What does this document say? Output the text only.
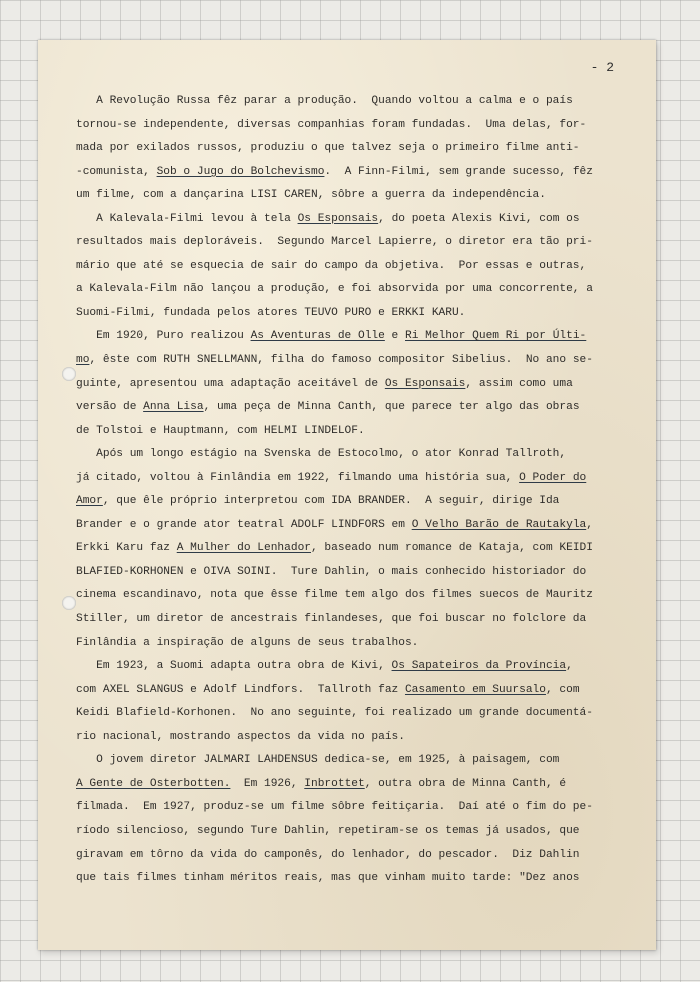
- 2
A Revolução Russa fêz parar a produção.  Quando voltou a calma e o país
tornou-se independente, diversas companhias foram fundadas.  Uma delas, for-
mada por exilados russos, produziu o que talvez seja o primeiro filme anti-
-comunista, Sob o Jugo do Bolchevismo.  A Finn-Filmi, sem grande sucesso, fêz
um filme, com a dançarina LISI CAREN, sôbre a guerra da independência.
A Kalevala-Filmi levou à tela Os Esponsais, do poeta Alexis Kivi, com os
resultados mais deploráveis.  Segundo Marcel Lapierre, o diretor era tão pri-
mário que até se esquecia de sair do campo da objetiva.  Por essas e outras,
a Kalevala-Film não lançou a produção, e foi absorvida por uma concorrente, a
Suomi-Filmi, fundada pelos atores TEUVO PURO e ERKKI KARU.
Em 1920, Puro realizou As Aventuras de Olle e Ri Melhor Quem Ri por Últi-
mo, êste com RUTH SNELLMANN, filha do famoso compositor Sibelius.  No ano se-
guinte, apresentou uma adaptação aceitável de Os Esponsais, assim como uma
versão de Anna Lisa, uma peça de Minna Canth, que parece ter algo das obras
de Tolstoi e Hauptmann, com HELMI LINDELOF.
Após um longo estágio na Svenska de Estocolmo, o ator Konrad Tallroth,
já citado, voltou à Finlândia em 1922, filmando uma história sua, O Poder do
Amor, que êle próprio interpretou com IDA BRANDER.  A seguir, dirige Ida
Brander e o grande ator teatral ADOLF LINDFORS em O Velho Barão de Rautakyla,
Erkki Karu faz A Mulher do Lenhador, baseado num romance de Kataja, com KEIDI
BLAFIED-KORHONEN e OIVA SOINI.  Ture Dahlin, o mais conhecido historiador do
cinema escandinavo, nota que êsse filme tem algo dos filmes suecos de Mauritz
Stiller, um diretor de ancestrais finlandeses, que foi buscar no folclore da
Finlândia a inspiração de alguns de seus trabalhos.
Em 1923, a Suomi adapta outra obra de Kivi, Os Sapateiros da Província,
com AXEL SLANGUS e Adolf Lindfors.  Tallroth faz Casamento em Suursalo, com
Keidi Blafield-Korhonen.  No ano seguinte, foi realizado um grande documentá-
rio nacional, mostrando aspectos da vida no país.
O jovem diretor JALMARI LAHDENSUS dedica-se, em 1925, à paisagem, com
A Gente de Osterbotten.  Em 1926, Inbrottet, outra obra de Minna Canth, é
filmada.  Em 1927, produz-se um filme sôbre feitiçaria.  Daí até o fim do pe-
ríodo silencioso, segundo Ture Dahlin, repetiram-se os temas já usados, que
giravam em tôrno da vida do camponês, do lenhador, do pescador.  Diz Dahlin
que tais filmes tinham méritos reais, mas que vinham muito tarde: "Dez anos
